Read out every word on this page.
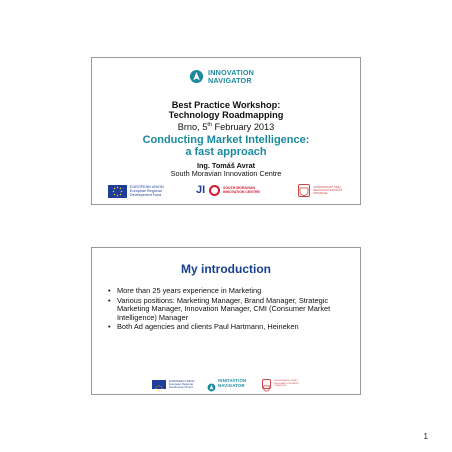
INNOVATION
NAVIGATOR
Best Practice Workshop:
Technology Roadmapping
Brno, 5th February 2013
Conducting Market Intelligence:
a fast approach
Ing. Tomáš Avrat
South Moravian Innovation Centre
EUROPEAN UNION
European Regional
Development Fund	JI	SOUTH MORAVIAN
INNOVATION CENTRE
JIHOMORAVSKÝ KRAJ
REGIONÁLNÍ INOVAČNÍ
STRATEGIE
My introduction
• More than 25 years experience in Marketing
• Various positions: Marketing Manager, Brand Manager, Strategic Marketing Manager, Innovation Manager, CMI (Consumer Market Intelligence) Manager
• Both Ad agencies and clients Paul Hartmann, Heineken
EUROPEAN UNION
European Regional
Development Fund
INNOVATION
NAVIGATOR
JIHOMORAVSKÝ KRAJ
REGIONÁLNÍ INOVAČNÍ
STRATEGIE
1
